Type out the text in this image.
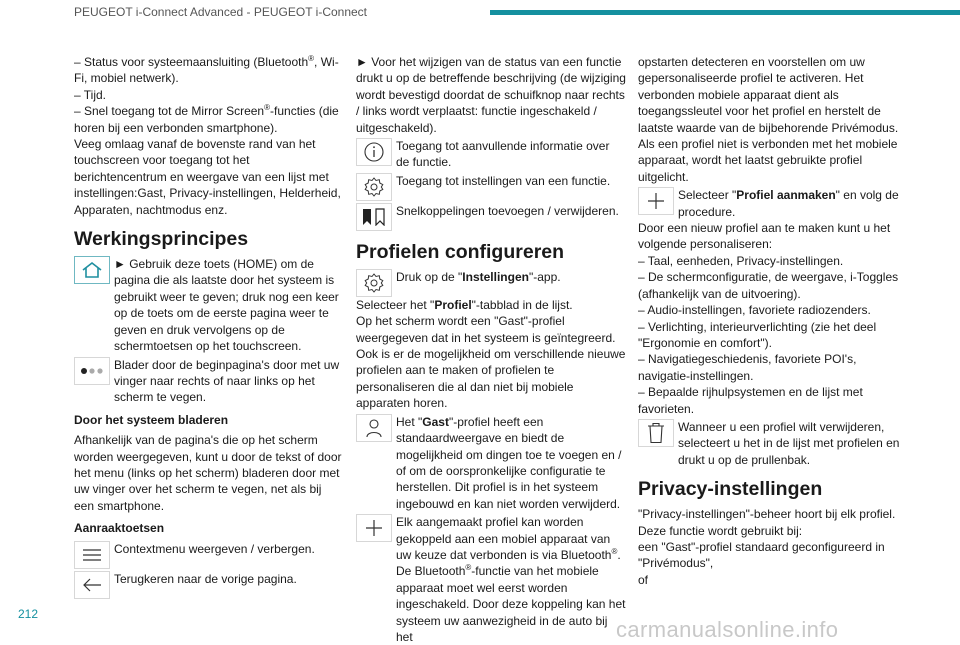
PEUGEOT i-Connect Advanced - PEUGEOT i-Connect

– Status voor systeemaansluiting (Bluetooth®, Wi-Fi, mobiel netwerk).

– Tijd.

– Snel toegang tot de Mirror Screen®-functies (die horen bij een verbonden smartphone).

Veeg omlaag vanaf de bovenste rand van het touchscreen voor toegang tot het berichtencentrum en weergave van een lijst met instellingen:Gast, Privacy-instellingen, Helderheid, Apparaten, nachtmodus enz.

Werkingsprincipes

► Gebruik deze toets (HOME) om de pagina die als laatste door het systeem is gebruikt weer te geven; druk nog een keer op de toets om de eerste pagina weer te geven en druk vervolgens op de schermtoetsen op het touchscreen.

Blader door de beginpagina's door met uw vinger naar rechts of naar links op het scherm te vegen.

Door het systeem bladeren

Afhankelijk van de pagina's die op het scherm worden weergegeven, kunt u door de tekst of door het menu (links op het scherm) bladeren door met uw vinger over het scherm te vegen, net als bij een smartphone.

Aanraaktoetsen

Contextmenu weergeven / verbergen.

Terugkeren naar de vorige pagina.

► Voor het wijzigen van de status van een functie drukt u op de betreffende beschrijving (de wijziging wordt bevestigd doordat de schuifknop naar rechts / links wordt verplaatst: functie ingeschakeld / uitgeschakeld).

Toegang tot aanvullende informatie over de functie.

Toegang tot instellingen van een functie.

Snelkoppelingen toevoegen / verwijderen.

Profielen configureren

Druk op de "Instellingen"-app.

Selecteer het "Profiel"-tabblad in de lijst.

Op het scherm wordt een "Gast"-profiel weergegeven dat in het systeem is geïntegreerd. Ook is er de mogelijkheid om verschillende nieuwe profielen aan te maken of profielen te personaliseren die al dan niet bij mobiele apparaten horen.

Het "Gast"-profiel heeft een standaardweergave en biedt de mogelijkheid om dingen toe te voegen en / of om de oorspronkelijke configuratie te herstellen. Dit profiel is in het systeem ingebouwd en kan niet worden verwijderd.

Elk aangemaakt profiel kan worden gekoppeld aan een mobiel apparaat van uw keuze dat verbonden is via Bluetooth®. De Bluetooth®-functie van het mobiele apparaat moet wel eerst worden ingeschakeld. Door deze koppeling kan het systeem uw aanwezigheid in de auto bij het

opstarten detecteren en voorstellen om uw gepersonaliseerde profiel te activeren. Het verbonden mobiele apparaat dient als toegangssleutel voor het profiel en herstelt de laatste waarde van de bijbehorende Privémodus. Als een profiel niet is verbonden met het mobiele apparaat, wordt het laatst gebruikte profiel uitgelicht.

Selecteer "Profiel aanmaken" en volg de procedure.

Door een nieuw profiel aan te maken kunt u het volgende personaliseren:

– Taal, eenheden, Privacy-instellingen.

– De schermconfiguratie, de weergave, i-Toggles (afhankelijk van de uitvoering).

– Audio-instellingen, favoriete radiozenders.

– Verlichting, interieurverlichting (zie het deel "Ergonomie en comfort").

– Navigatiegeschiedenis, favoriete POI's, navigatie-instellingen.

– Bepaalde rijhulpsystemen en de lijst met favorieten.

Wanneer u een profiel wilt verwijderen, selecteert u het in de lijst met profielen en drukt u op de prullenbak.

Privacy-instellingen

"Privacy-instellingen"-beheer hoort bij elk profiel. Deze functie wordt gebruikt bij:

een "Gast"-profiel standaard geconfigureerd in "Privémodus",

of

212
carmanualsonline.info
